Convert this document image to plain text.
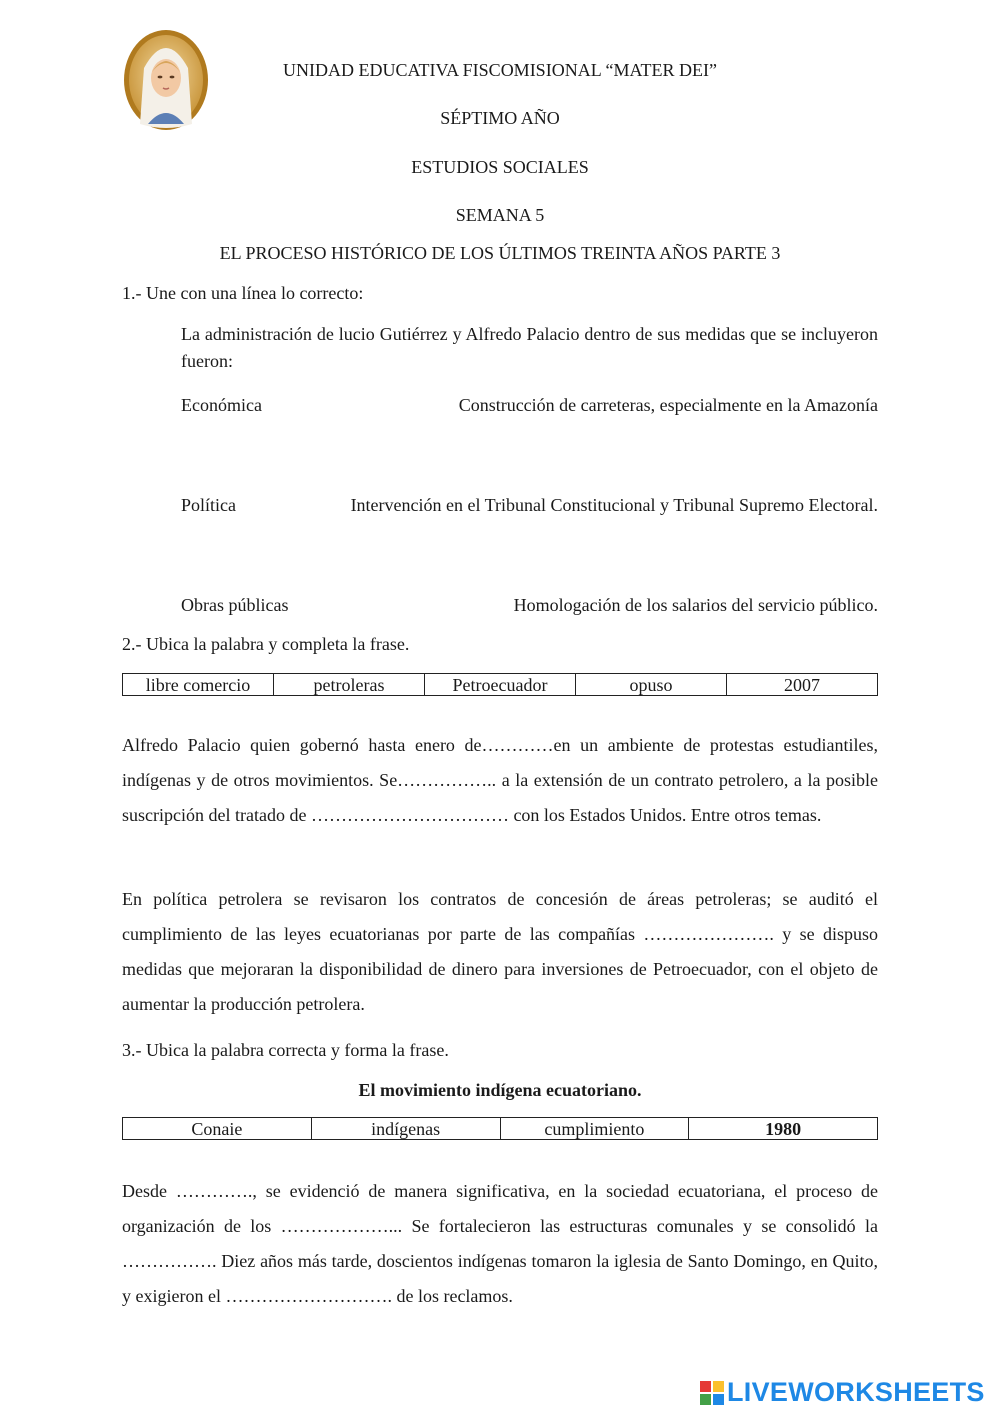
UNIDAD EDUCATIVA FISCOMISIONAL “MATER DEI”
SÉPTIMO AÑO
ESTUDIOS SOCIALES
SEMANA 5
EL PROCESO HISTÓRICO DE LOS ÚLTIMOS TREINTA AÑOS PARTE 3
1.- Une con una línea lo correcto:
La administración de lucio Gutiérrez y Alfredo Palacio dentro de sus medidas que se incluyeron fueron:
Económica	Construcción de carreteras, especialmente en la Amazonía
Política	Intervención en el Tribunal Constitucional y Tribunal Supremo Electoral.
Obras públicas	Homologación de los salarios del servicio público.
2.- Ubica la palabra y completa la frase.
libre comercio	petroleras	Petroecuador	opuso	2007
Alfredo Palacio quien gobernó hasta enero de…………en un ambiente de protestas estudiantiles, indígenas y de otros movimientos. Se…………….. a la extensión de un contrato petrolero, a la posible suscripción del tratado de …………………………… con los Estados Unidos. Entre otros temas.
En política petrolera se revisaron los contratos de concesión de áreas petroleras; se auditó el cumplimiento de las leyes ecuatorianas por parte de las compañías …………………. y se dispuso medidas que mejoraran la disponibilidad de dinero para inversiones de Petroecuador, con el objeto de aumentar la producción petrolera.
3.- Ubica la palabra correcta y forma la frase.
El movimiento indígena ecuatoriano.
Conaie	indígenas	cumplimiento	1980
Desde …………., se evidenció de manera significativa, en la sociedad ecuatoriana, el proceso de organización de los ………………... Se fortalecieron las estructuras comunales y se consolidó la ……………. Diez años más tarde, doscientos indígenas tomaron la iglesia de Santo Domingo, en Quito, y exigieron el ………………………. de los reclamos.
LIVEWORKSHEETS
